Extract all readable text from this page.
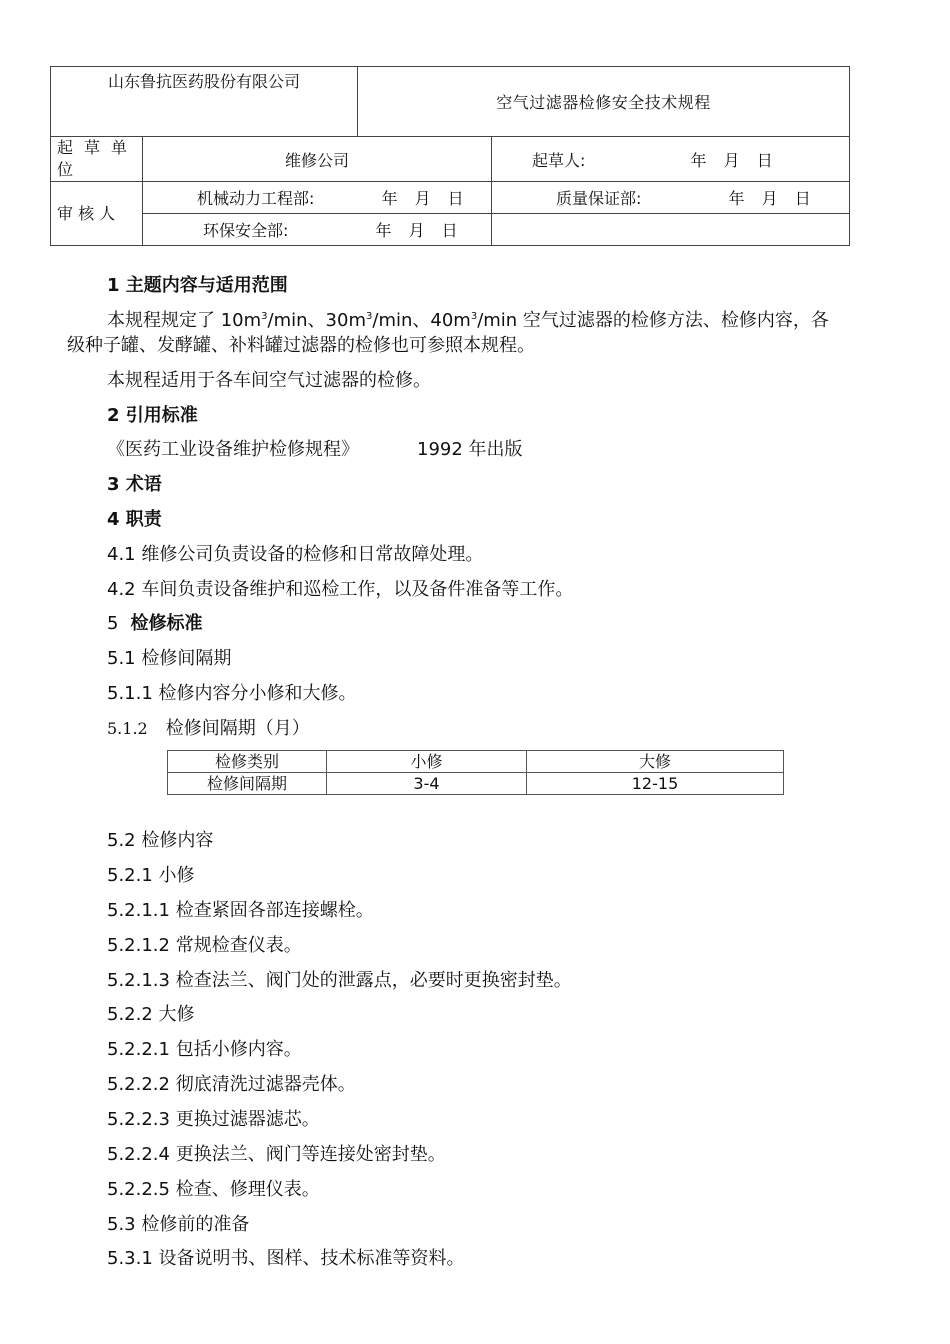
山东鲁抗医药股份有限公司		空气过滤器检修安全技术规程	

起 草 单位	维修公司		起草人: 年 月 日

审 核 人	机械动力工程部: 年 月 日		质量保证部: 年 月 日
	环保安全部: 年 月 日		
1 主题内容与适用范围
本规程规定了 $10m^3/\min$、$30m^3/\min$、$40m^3/\min$ 空气过滤器的检修方法、检修内容，各
级种子罐、发酵罐、补料罐过滤器的检修也可参照本规程。
本规程适用于各车间空气过滤器的检修。
2 引用标准
《医药工业设备维护检修规程》	1992 年出版
3 术语
4 职责
4.1 维修公司负责设备的检修和日常故障处理。
4.2 车间负责设备维护和巡检工作，以及备件准备等工作。
5 检修标准
5.1 检修间隔期
5.1.1 检修内容分小修和大修。
5.1.2 检修间隔期（月）
检修类别	小修	大修
检修间隔期	3-4	12-15
5.2 检修内容
5.2.1 小修
5.2.1.1 检查紧固各部连接螺栓。
5.2.1.2 常规检查仪表。
5.2.1.3 检查法兰、阀门处的泄露点，必要时更换密封垫。
5.2.2 大修
5.2.2.1 包括小修内容。
5.2.2.2 彻底清洗过滤器壳体。
5.2.2.3 更换过滤器滤芯。
5.2.2.4 更换法兰、阀门等连接处密封垫。
5.2.2.5 检查、修理仪表。
5.3 检修前的准备
5.3.1 设备说明书、图样、技术标准等资料。
